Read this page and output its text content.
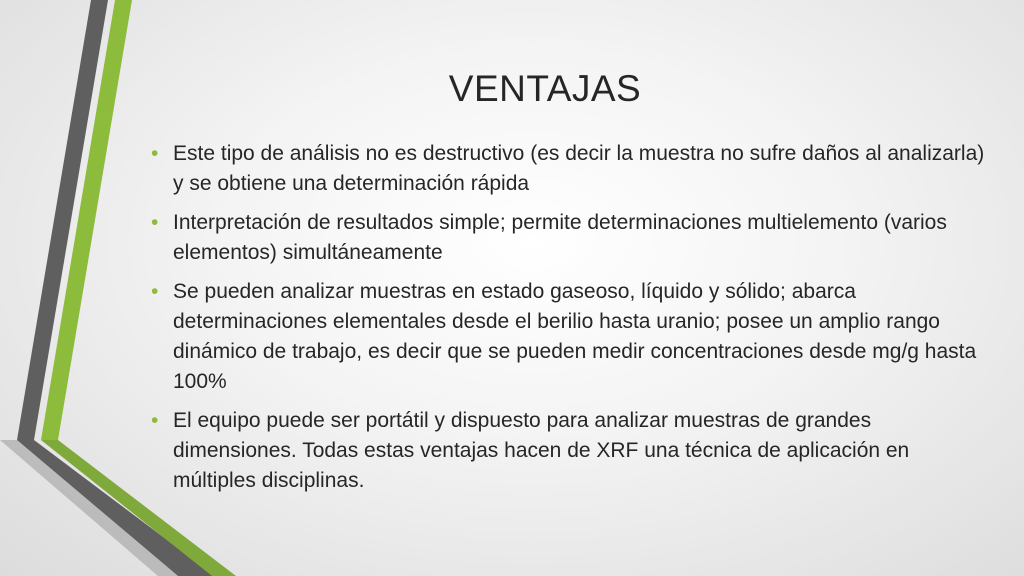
VENTAJAS
• Este tipo de análisis no es destructivo (es decir la muestra no sufre daños al analizarla) y se obtiene una determinación rápida
• Interpretación de resultados simple; permite determinaciones multielemento (varios elementos) simultáneamente
• Se pueden analizar muestras en estado gaseoso, líquido y sólido; abarca determinaciones elementales desde el berilio hasta uranio; posee un amplio rango dinámico de trabajo, es decir que se pueden medir concentraciones desde mg/g hasta 100%
• El equipo puede ser portátil y dispuesto para analizar muestras de grandes dimensiones. Todas estas ventajas hacen de XRF una técnica de aplicación en múltiples disciplinas.
